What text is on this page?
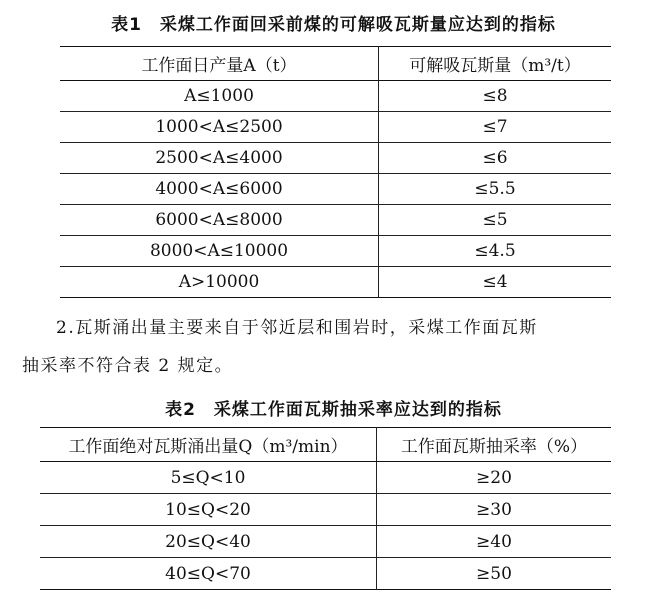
表1　采煤工作面回采前煤的可解吸瓦斯量应达到的指标
工作面日产量A（t）	可解吸瓦斯量（m³/t）
A≤1000	≤8
1000<A≤2500	≤7
2500<A≤4000	≤6
4000<A≤6000	≤5.5
6000<A≤8000	≤5
8000<A≤10000	≤4.5
A>10000	≤4
2.瓦斯涌出量主要来自于邻近层和围岩时，采煤工作面瓦斯
抽采率不符合表 2 规定。
表2　采煤工作面瓦斯抽采率应达到的指标
工作面绝对瓦斯涌出量Q（m³/min）	工作面瓦斯抽采率（%）
5≤Q<10	≥20
10≤Q<20	≥30
20≤Q<40	≥40
40≤Q<70	≥50
